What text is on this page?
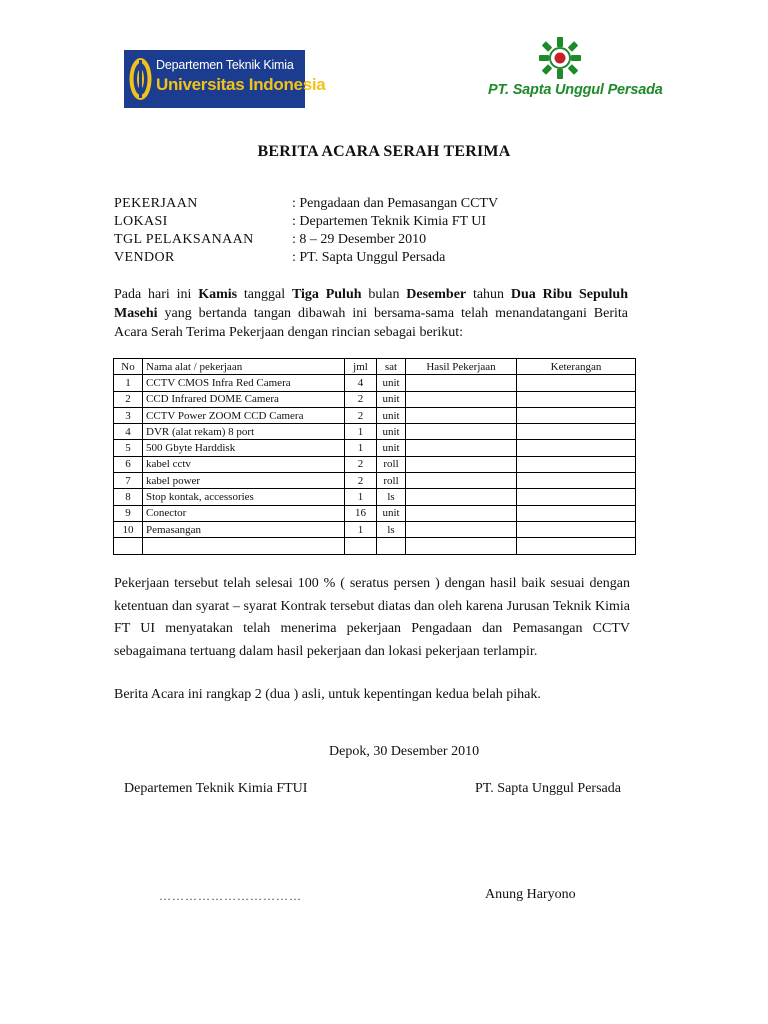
Departemen Teknik Kimia
Universitas Indonesia	PT. Sapta Unggul Persada
BERITA ACARA SERAH TERIMA
PEKERJAAN	: Pengadaan dan Pemasangan CCTV
LOKASI	: Departemen Teknik Kimia FT UI
TGL PELAKSANAAN	: 8 – 29 Desember 2010
VENDOR	: PT. Sapta Unggul Persada
Pada hari ini Kamis tanggal Tiga Puluh bulan Desember tahun Dua Ribu Sepuluh Masehi yang bertanda tangan dibawah ini bersama-sama telah menandatangani Berita Acara Serah Terima Pekerjaan dengan rincian sebagai berikut:
No	Nama alat / pekerjaan	jml	sat	Hasil Pekerjaan	Keterangan
1	CCTV CMOS Infra Red Camera	4	unit		
2	CCD Infrared DOME Camera	2	unit		
3	CCTV Power ZOOM CCD Camera	2	unit		
4	DVR (alat rekam) 8 port	1	unit		
5	500 Gbyte Harddisk	1	unit		
6	kabel cctv	2	roll		
7	kabel power	2	roll		
8	Stop kontak, accessories	1	ls		
9	Conector	16	unit		
10	Pemasangan	1	ls		

Pekerjaan tersebut telah selesai 100 % ( seratus persen ) dengan hasil baik sesuai dengan ketentuan dan syarat – syarat Kontrak tersebut diatas dan oleh karena Jurusan Teknik Kimia FT UI menyatakan telah menerima pekerjaan Pengadaan dan Pemasangan CCTV sebagaimana tertuang dalam hasil pekerjaan dan lokasi pekerjaan terlampir.
Berita Acara ini rangkap 2 (dua ) asli, untuk kepentingan kedua belah pihak.
Depok, 30 Desember 2010
Departemen Teknik Kimia FTUI	PT. Sapta Unggul Persada
……………………………	Anung Haryono
